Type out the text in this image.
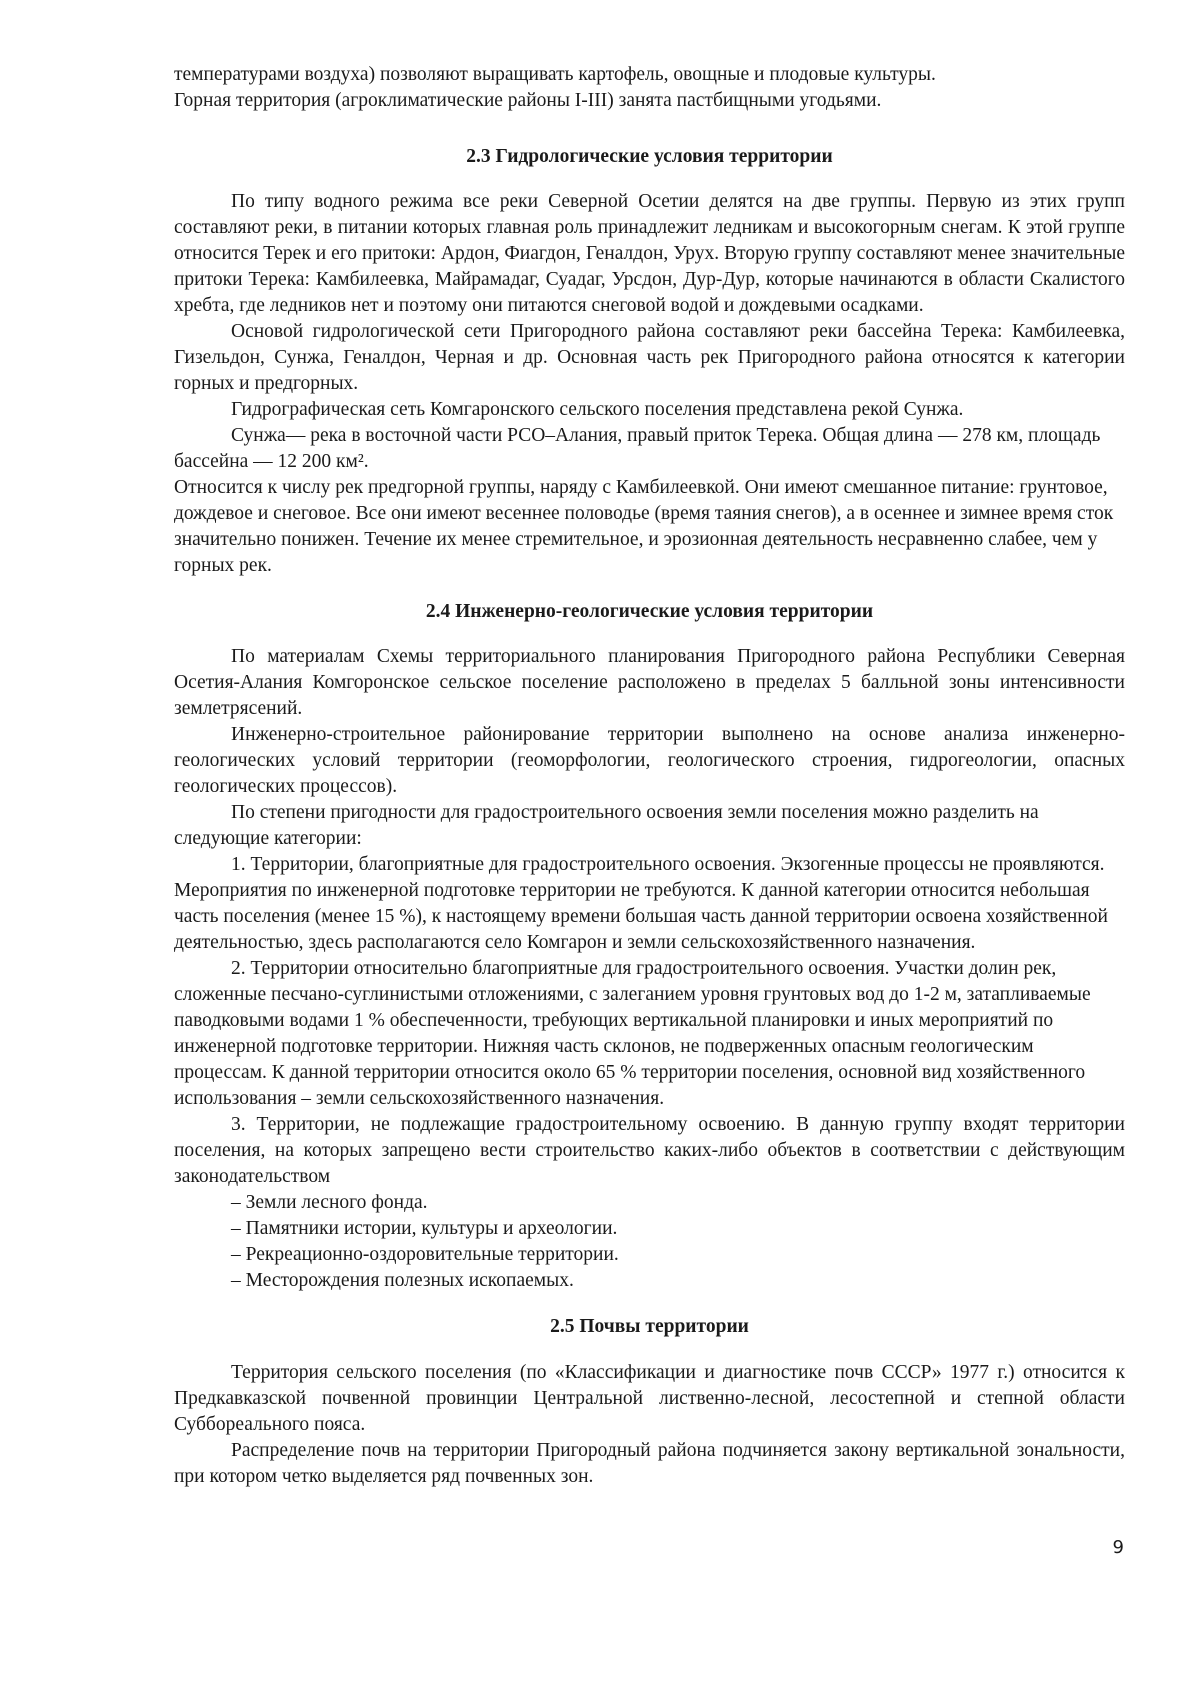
температурами воздуха) позволяют выращивать картофель, овощные и плодовые культуры.

Горная территория (агроклиматические районы I-III) занята пастбищными угодьями.

2.3 Гидрологические условия территории

По типу водного режима все реки Северной Осетии делятся на две группы. Первую из этих групп составляют реки, в питании которых главная роль принадлежит ледникам и высокогорным снегам. К этой группе относится Терек и его притоки: Ардон, Фиагдон, Геналдон, Урух. Вторую группу составляют менее значительные притоки Терека: Камбилеевка, Майрамадаг, Суадаг, Урсдон, Дур-Дур, которые начинаются в области Скалистого хребта, где ледников нет и поэтому они питаются снеговой водой и дождевыми осадками.

Основой гидрологической сети Пригородного района составляют реки бассейна Терека: Камбилеевка, Гизельдон, Сунжа, Геналдон, Черная и др. Основная часть рек Пригородного района относятся к категории горных и предгорных.

Гидрографическая сеть Комгаронского сельского поселения представлена рекой Сунжа.

Сунжа— река в восточной части РСО–Алания, правый приток Терека. Общая длина — 278 км, площадь бассейна — 12 200 км².

Относится к числу рек предгорной группы, наряду с Камбилеевкой. Они имеют смешанное питание: грунтовое, дождевое и снеговое. Все они имеют весеннее половодье (время таяния снегов), а в осеннее и зимнее время сток значительно понижен. Течение их менее стремительное, и эрозионная деятельность несравненно слабее, чем у горных рек.

2.4 Инженерно-геологические условия территории

По материалам Схемы территориального планирования Пригородного района Республики Северная Осетия-Алания Комгоронское сельское поселение расположено в пределах 5 балльной зоны интенсивности землетрясений.

Инженерно-строительное районирование территории выполнено на основе анализа инженерно-геологических условий территории (геоморфологии, геологического строения, гидрогеологии, опасных геологических процессов).

По степени пригодности для градостроительного освоения земли поселения можно разделить на следующие категории:

1. Территории, благоприятные для градостроительного освоения. Экзогенные процессы не проявляются. Мероприятия по инженерной подготовке территории не требуются. К данной категории относится небольшая часть поселения (менее 15 %), к настоящему времени большая часть данной территории освоена хозяйственной деятельностью, здесь располагаются село Комгарон и земли сельскохозяйственного назначения.

2. Территории относительно благоприятные для градостроительного освоения. Участки долин рек, сложенные песчано-суглинистыми отложениями, с залеганием уровня грунтовых вод до 1-2 м, затапливаемые паводковыми водами 1 % обеспеченности, требующих вертикальной планировки и иных мероприятий по инженерной подготовке территории. Нижняя часть склонов, не подверженных опасным геологическим процессам. К данной территории относится около 65 % территории поселения, основной вид хозяйственного использования – земли сельскохозяйственного назначения.

3. Территории, не подлежащие градостроительному освоению. В данную группу входят территории поселения, на которых запрещено вести строительство каких-либо объектов в соответствии с действующим законодательством

– Земли лесного фонда.

– Памятники истории, культуры и археологии.

– Рекреационно-оздоровительные территории.

– Месторождения полезных ископаемых.

2.5 Почвы территории

Территория сельского поселения (по «Классификации и диагностике почв СССР» 1977 г.) относится к Предкавказской почвенной провинции Центральной лиственно-лесной, лесостепной и степной области Суббореального пояса.

Распределение почв на территории Пригородный района подчиняется закону вертикальной зональности, при котором четко выделяется ряд почвенных зон.

9
